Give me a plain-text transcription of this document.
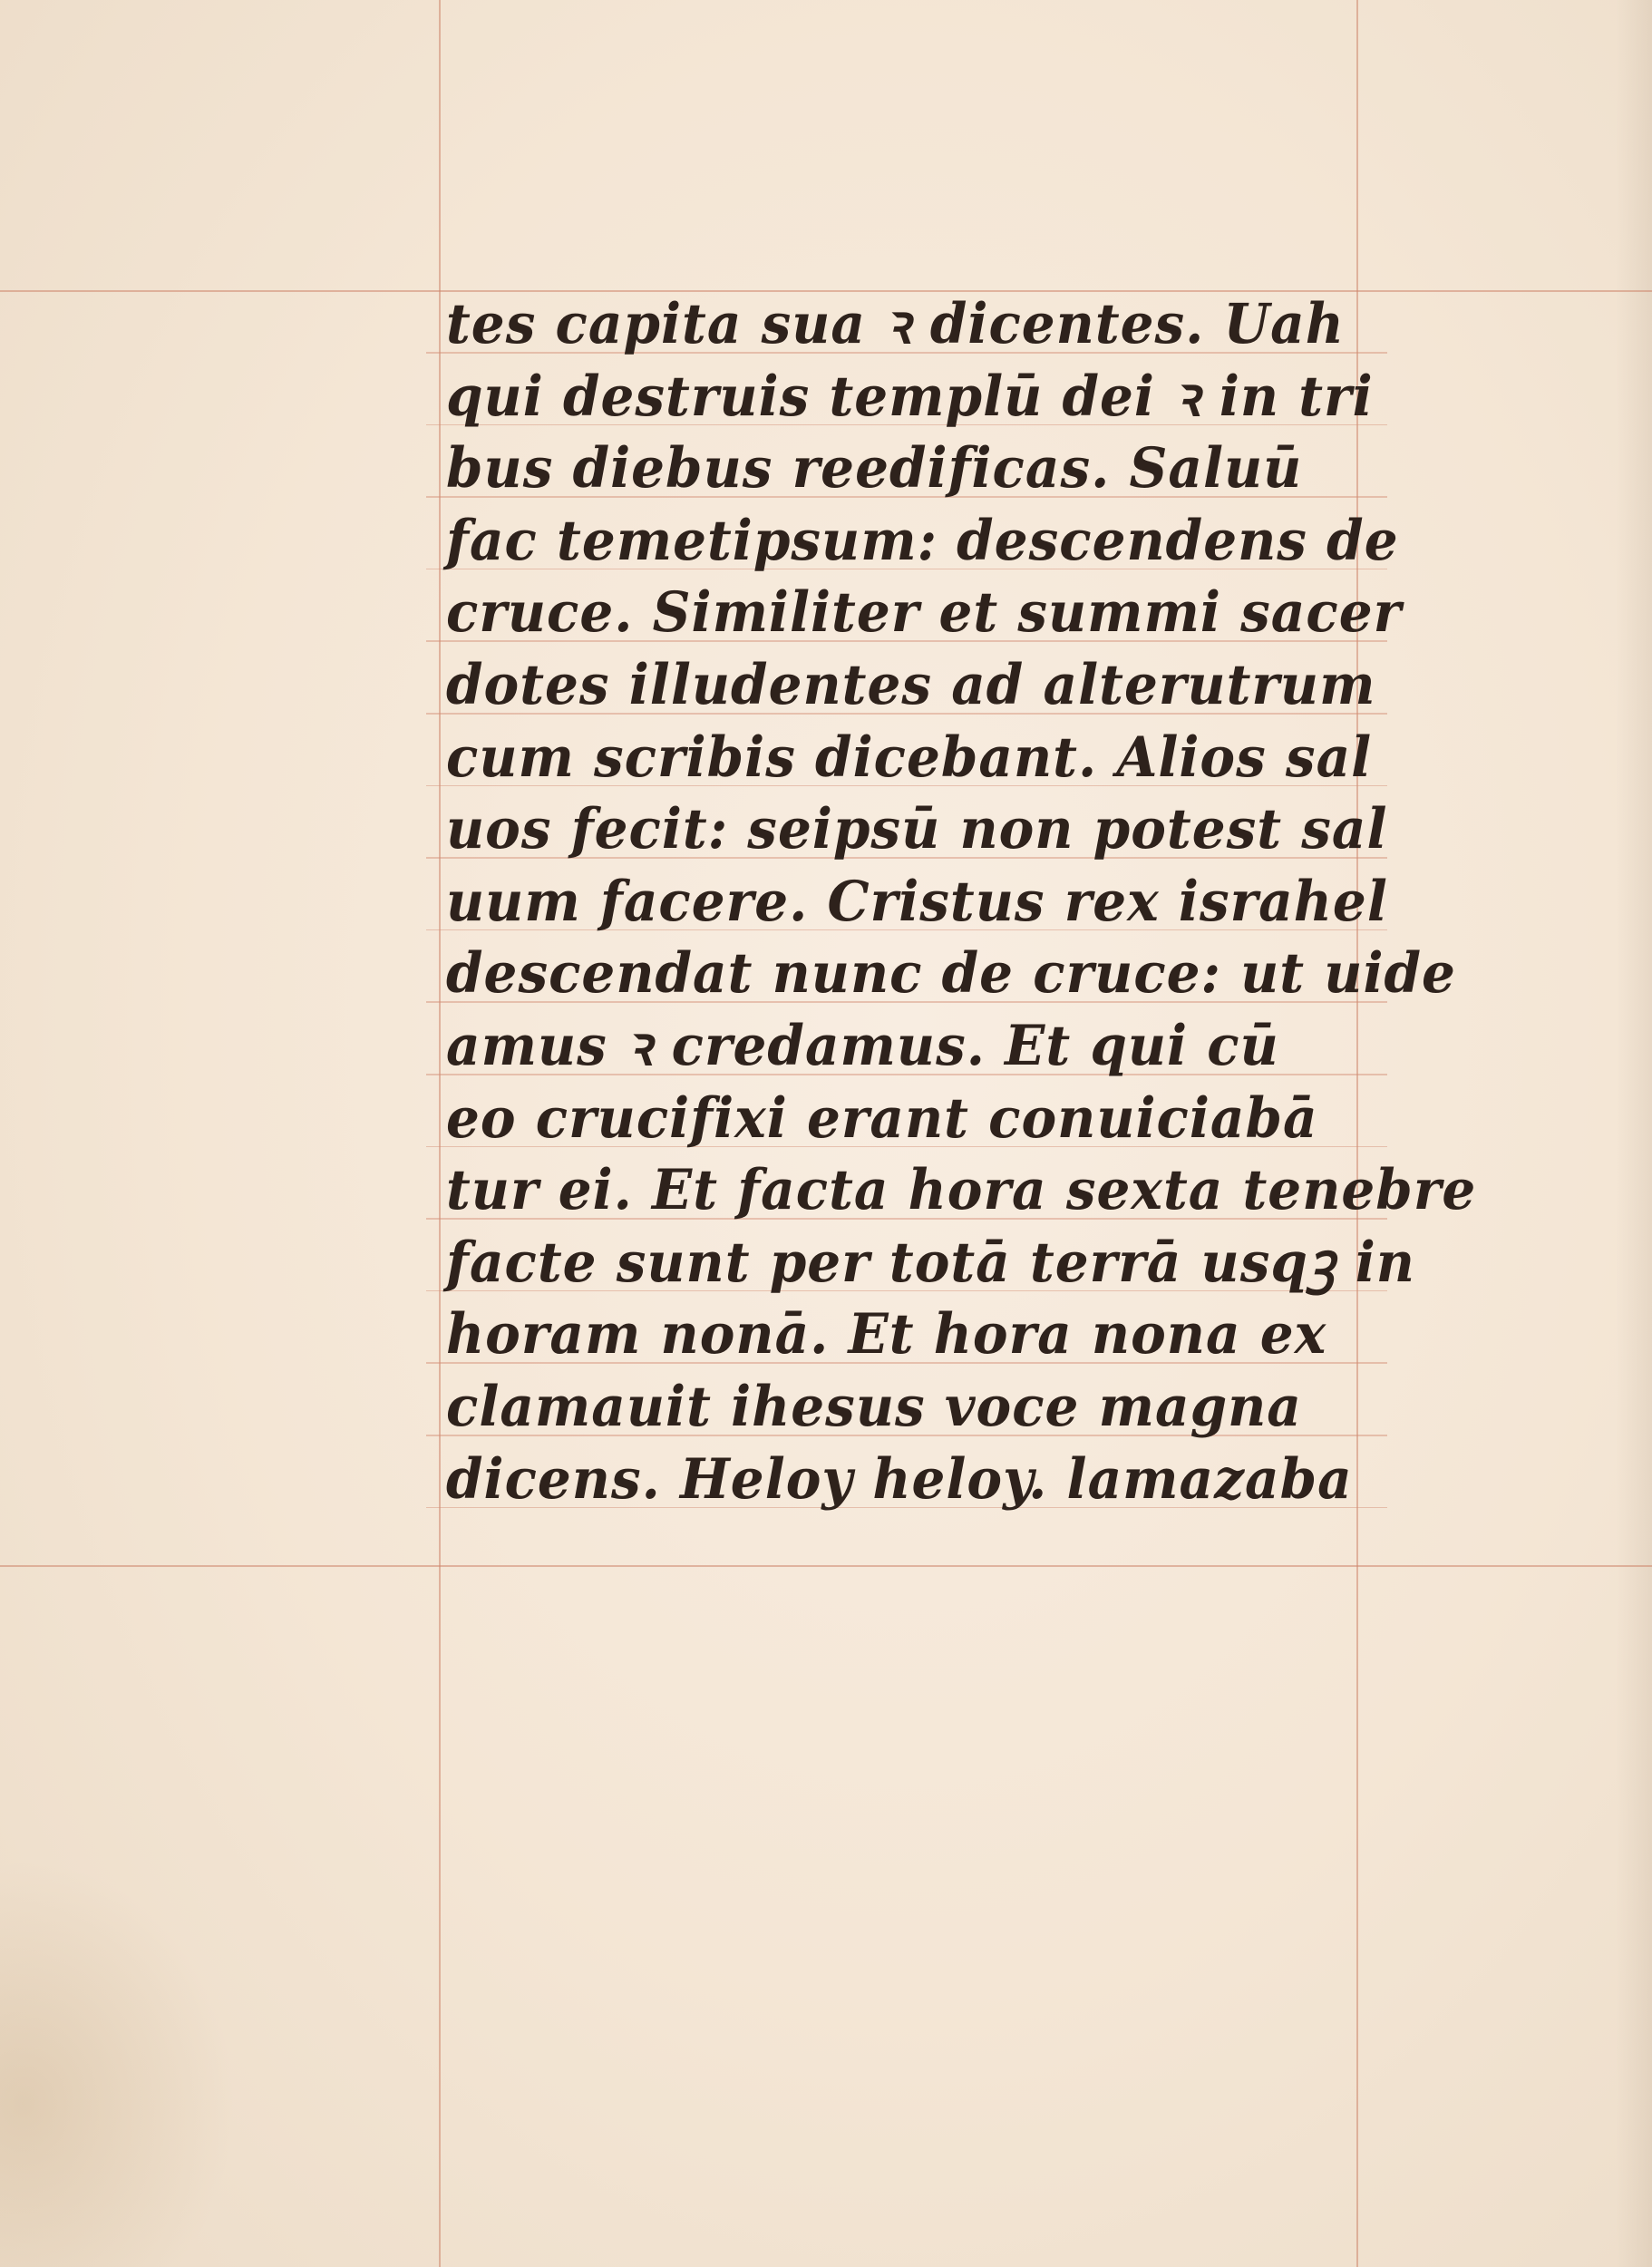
tes capita sua ꝛ dicentes. Uah
qui destruis templū dei ꝛ in tri
bus diebus reedificas. Saluū
fac temetipsum: descendens de
cruce. Similiter et summi sacer
dotes illudentes ad alterutrum
cum scribis dicebant. Alios sal
uos fecit: seipsū non potest sal
uum facere. Cristus rex israhel
descendat nunc de cruce: ut uide
amus ꝛ credamus. Et qui cū
eo crucifixi erant conuiciabā
tur ei. Et facta hora sexta tenebre
facte sunt per totā terrā usqꝫ in
horam nonā. Et hora nona ex
clamauit ihesus voce magna
dicens. Heloy heloy. lamazaba
